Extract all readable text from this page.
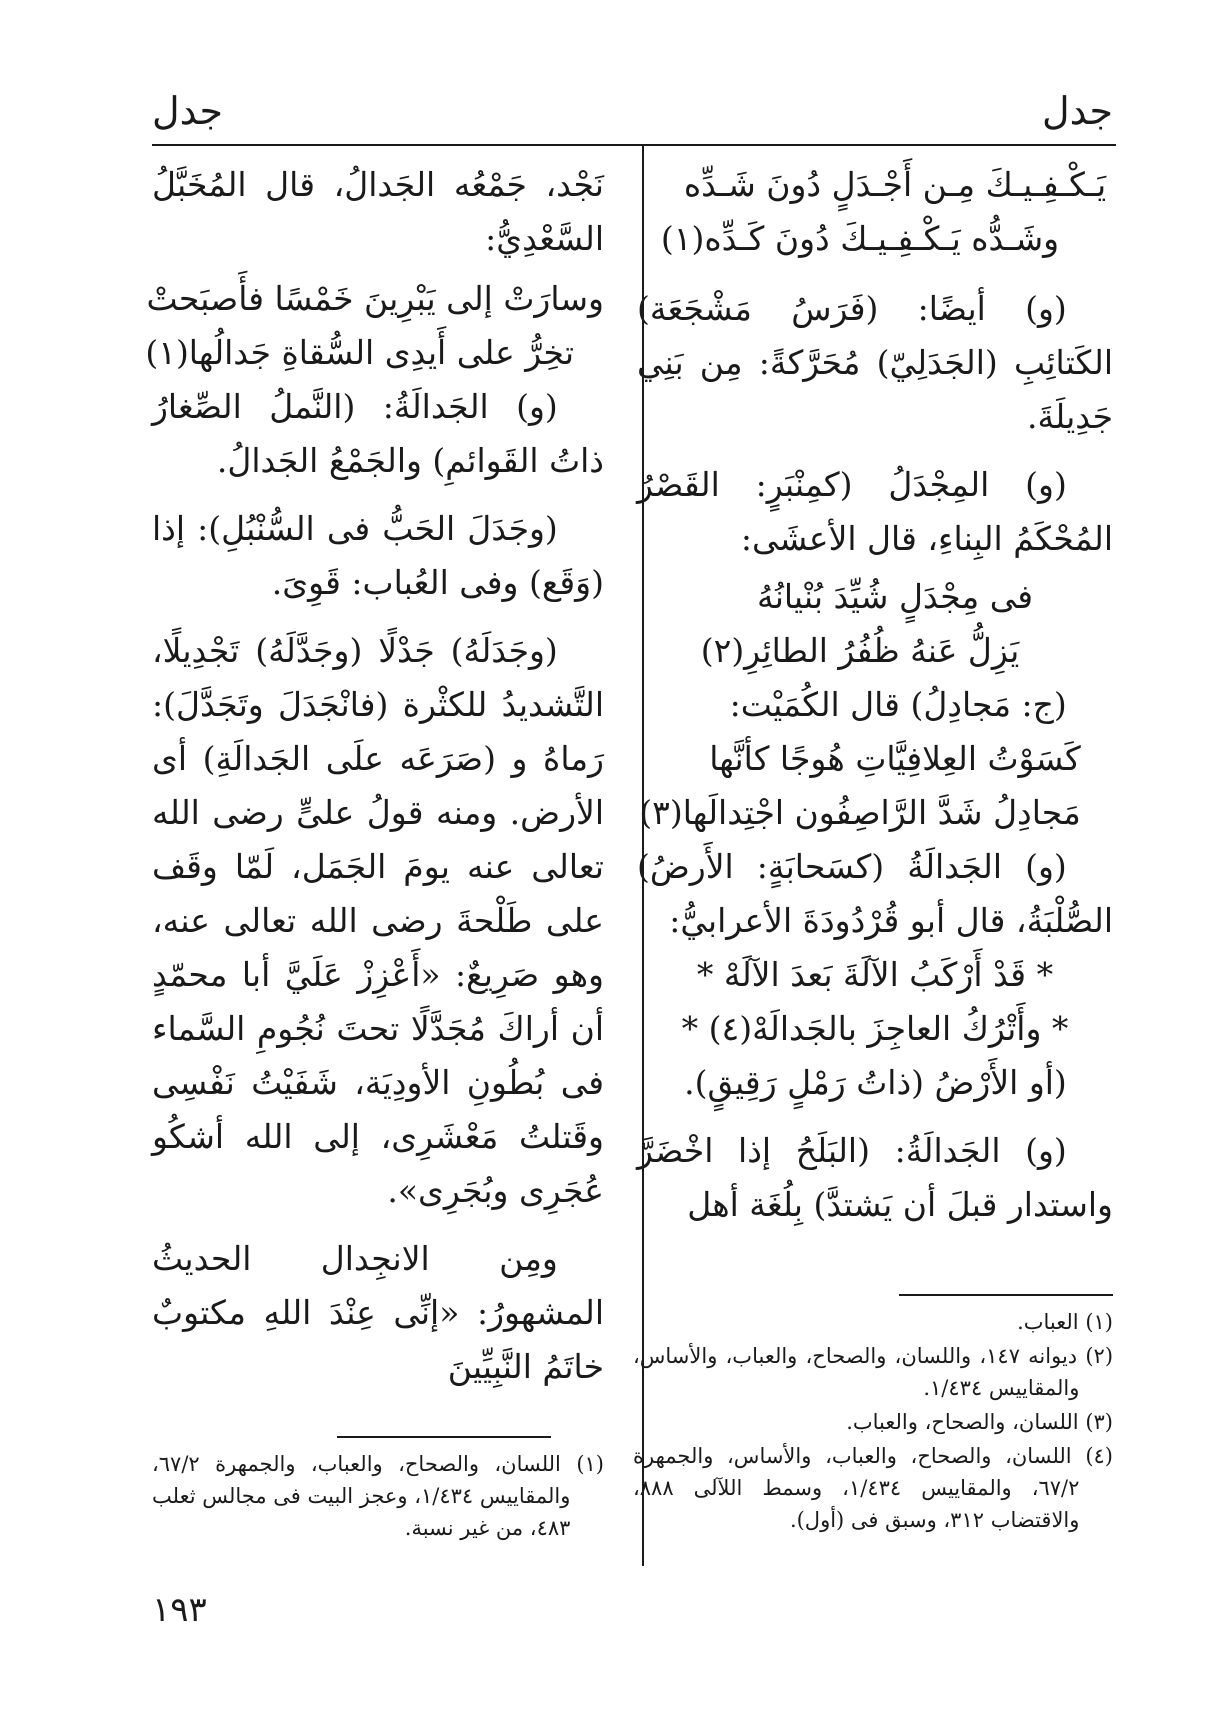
جدل
جدل

يَـكْـفِـيـكَ مِـن أَجْـدَلٍ دُونَ شَـدِّه

وشَـدُّه يَـكْـفِـيـكَ دُونَ كَـدِّه(١)

(و) أيضًا: (فَرَسُ مَشْجَعَة) الكَتائِبِ (الجَدَلِيّ) مُحَرَّكةً: مِن بَنِي جَدِيلَةَ.

(و) المِجْدَلُ (كمِنْبَرٍ: القَصْرُ المُحْكَمُ البِناءِ، قال الأعشَى:

فى مِجْدَلٍ شُيِّدَ بُنْيانُهُ

يَزِلُّ عَنهُ ظُفُرُ الطائِرِ(٢)

(ج: مَجادِلُ) قال الكُمَيْت:

كَسَوْتُ العِلافِيَّاتِ هُوجًا كأنَّها

مَجادِلُ شَدَّ الرَّاصِفُون اجْتِدالَها(٣)

(و) الجَدالَةُ (كسَحابَةٍ: الأَرضُ) الصُّلْبَةُ، قال أبو قُرْدُودَةَ الأعرابيُّ:

* قَدْ أَرْكَبُ الآلَةَ بَعدَ الآلَهْ *

* وأَتْرُكُ العاجِزَ بالجَدالَهْ(٤) *

(أو الأَرْضُ (ذاتُ رَمْلٍ رَقِيقٍ).

(و) الجَدالَةُ: (البَلَحُ إذا اخْضَرَّ واستدار قبلَ أن يَشتدَّ) بِلُغَة أهل

(١) العباب.

(٢) ديوانه ١٤٧، واللسان، والصحاح، والعباب، والأساس، والمقاييس ١/٤٣٤.

(٣) اللسان، والصحاح، والعباب.

(٤) اللسان، والصحاح، والعباب، والأساس، والجمهرة ٦٧/٢، والمقاييس ١/٤٣٤، وسمط اللآلى ٨٨٨، والاقتضاب ٣١٢، وسبق فى (أول).

نَجْد، جَمْعُه الجَدالُ، قال المُخَبَّلُ السَّعْدِيُّ:

وسارَتْ إلى يَبْرِينَ خَمْسًا فأَصبَحتْ

تخِرُّ على أَيدِى السُّقاةِ جَدالُها(١)

(و) الجَدالَةُ: (النَّملُ الصِّغارُ ذاتُ القَوائمِ) والجَمْعُ الجَدالُ.

(وجَدَلَ الحَبُّ فى السُّنْبُلِ): إذا (وَقَع) وفى العُباب: قَوِىَ.

(وجَدَلَهُ) جَدْلًا (وجَدَّلَهُ) تَجْدِيلًا، التَّشديدُ للكثْرة (فانْجَدَلَ وتَجَدَّلَ): رَماهُ و (صَرَعَه علَى الجَدالَةِ) أى الأرض. ومنه قولُ علىٍّ رضى الله تعالى عنه يومَ الجَمَل، لَمّا وقَف على طَلْحةَ رضى الله تعالى عنه، وهو صَرِيعٌ: «أَعْزِزْ عَلَيَّ أبا محمّدٍ أن أراكَ مُجَدَّلًا تحتَ نُجُومِ السَّماء فى بُطُونِ الأودِيَة، شَفَيْتُ نَفْسِى وقَتلتُ مَعْشَرِى، إلى الله أشكُو عُجَرِى وبُجَرِى».

ومِن الانجِدال الحديثُ المشهورُ: «إنِّى عِنْدَ اللهِ مكتوبٌ خاتَمُ النَّبِيِّينَ

(١) اللسان، والصحاح، والعباب، والجمهرة ٦٧/٢، والمقاييس ١/٤٣٤، وعجز البيت فى مجالس ثعلب ٤٨٣، من غير نسبة.

١٩٣
